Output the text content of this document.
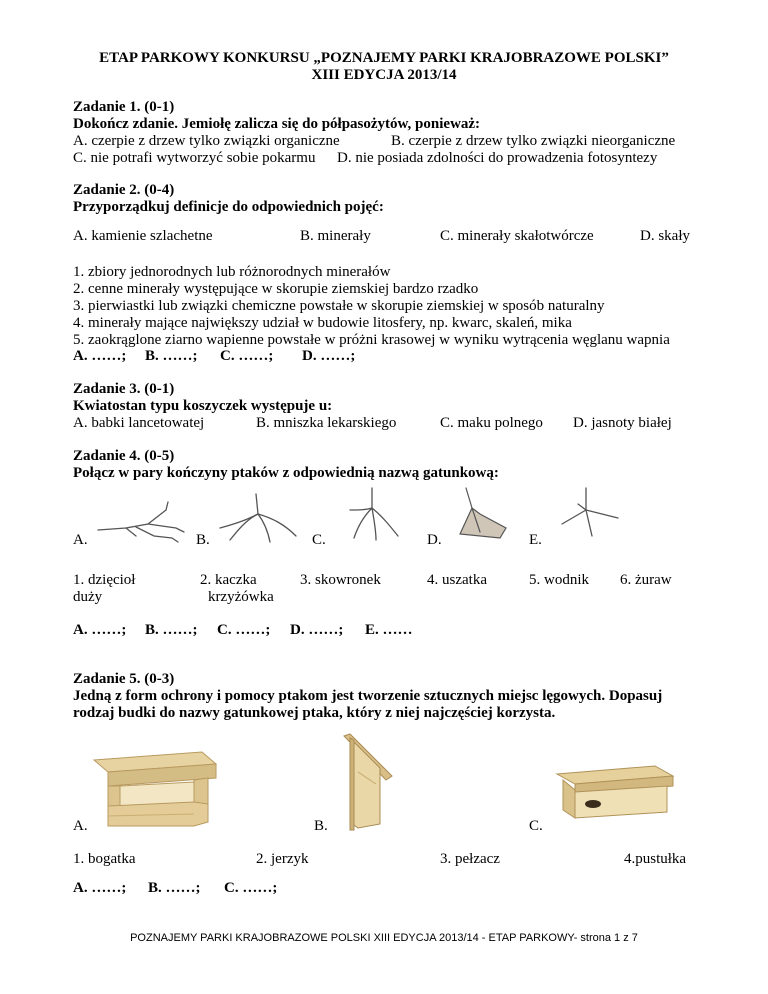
ETAP PARKOWY KONKURSU „POZNAJEMY PARKI KRAJOBRAZOWE POLSKI”
XIII EDYCJA 2013/14
Zadanie 1. (0-1)
Dokończ zdanie. Jemiołę zalicza się do półpasożytów, ponieważ:
A. czerpie z drzew tylko związki organiczne	B. czerpie z drzew tylko związki nieorganiczne
C. nie potrafi wytworzyć sobie pokarmu D. nie posiada zdolności do prowadzenia fotosyntezy
Zadanie 2. (0-4)
Przyporządkuj definicje do odpowiednich pojęć:
A. kamienie szlachetne	B. minerały	C. minerały skałotwórcze	D. skały
1. zbiory jednorodnych lub różnorodnych minerałów
2. cenne minerały występujące w skorupie ziemskiej bardzo rzadko
3. pierwiastki lub związki chemiczne powstałe w skorupie ziemskiej w sposób naturalny
4. minerały mające największy udział w budowie litosfery, np. kwarc, skaleń, mika
5. zaokrąglone ziarno wapienne powstałe w próżni krasowej w wyniku wytrącenia węglanu wapnia
A. ……; B. ……; C. ……; D. ……;
Zadanie 3. (0-1)
Kwiatostan typu koszyczek występuje u:
A. babki lancetowatej	B. mniszka lekarskiego	C. maku polnego D. jasnoty białej
Zadanie 4. (0-5)
Połącz w pary kończyny ptaków z odpowiednią nazwą gatunkową:
A.	B.	C.	D.	E.
1. dzięcioł
duży
2. kaczka
krzyżówka
3. skowronek	4. uszatka	5. wodnik 6. żuraw
A. ……; B. ……; C. ……; D. ……; E. ……
Zadanie 5. (0-3)
Jedną z form ochrony i pomocy ptakom jest tworzenie sztucznych miejsc lęgowych. Dopasuj
rodzaj budki do nazwy gatunkowej ptaka, który z niej najczęściej korzysta.
A.	B.	C.
1. bogatka	2. jerzyk	3. pełzacz	4.pustułka
A. ……; B. ……; C. ……;
POZNAJEMY PARKI KRAJOBRAZOWE POLSKI XIII EDYCJA 2013/14 - ETAP PARKOWY- strona 1 z 7
